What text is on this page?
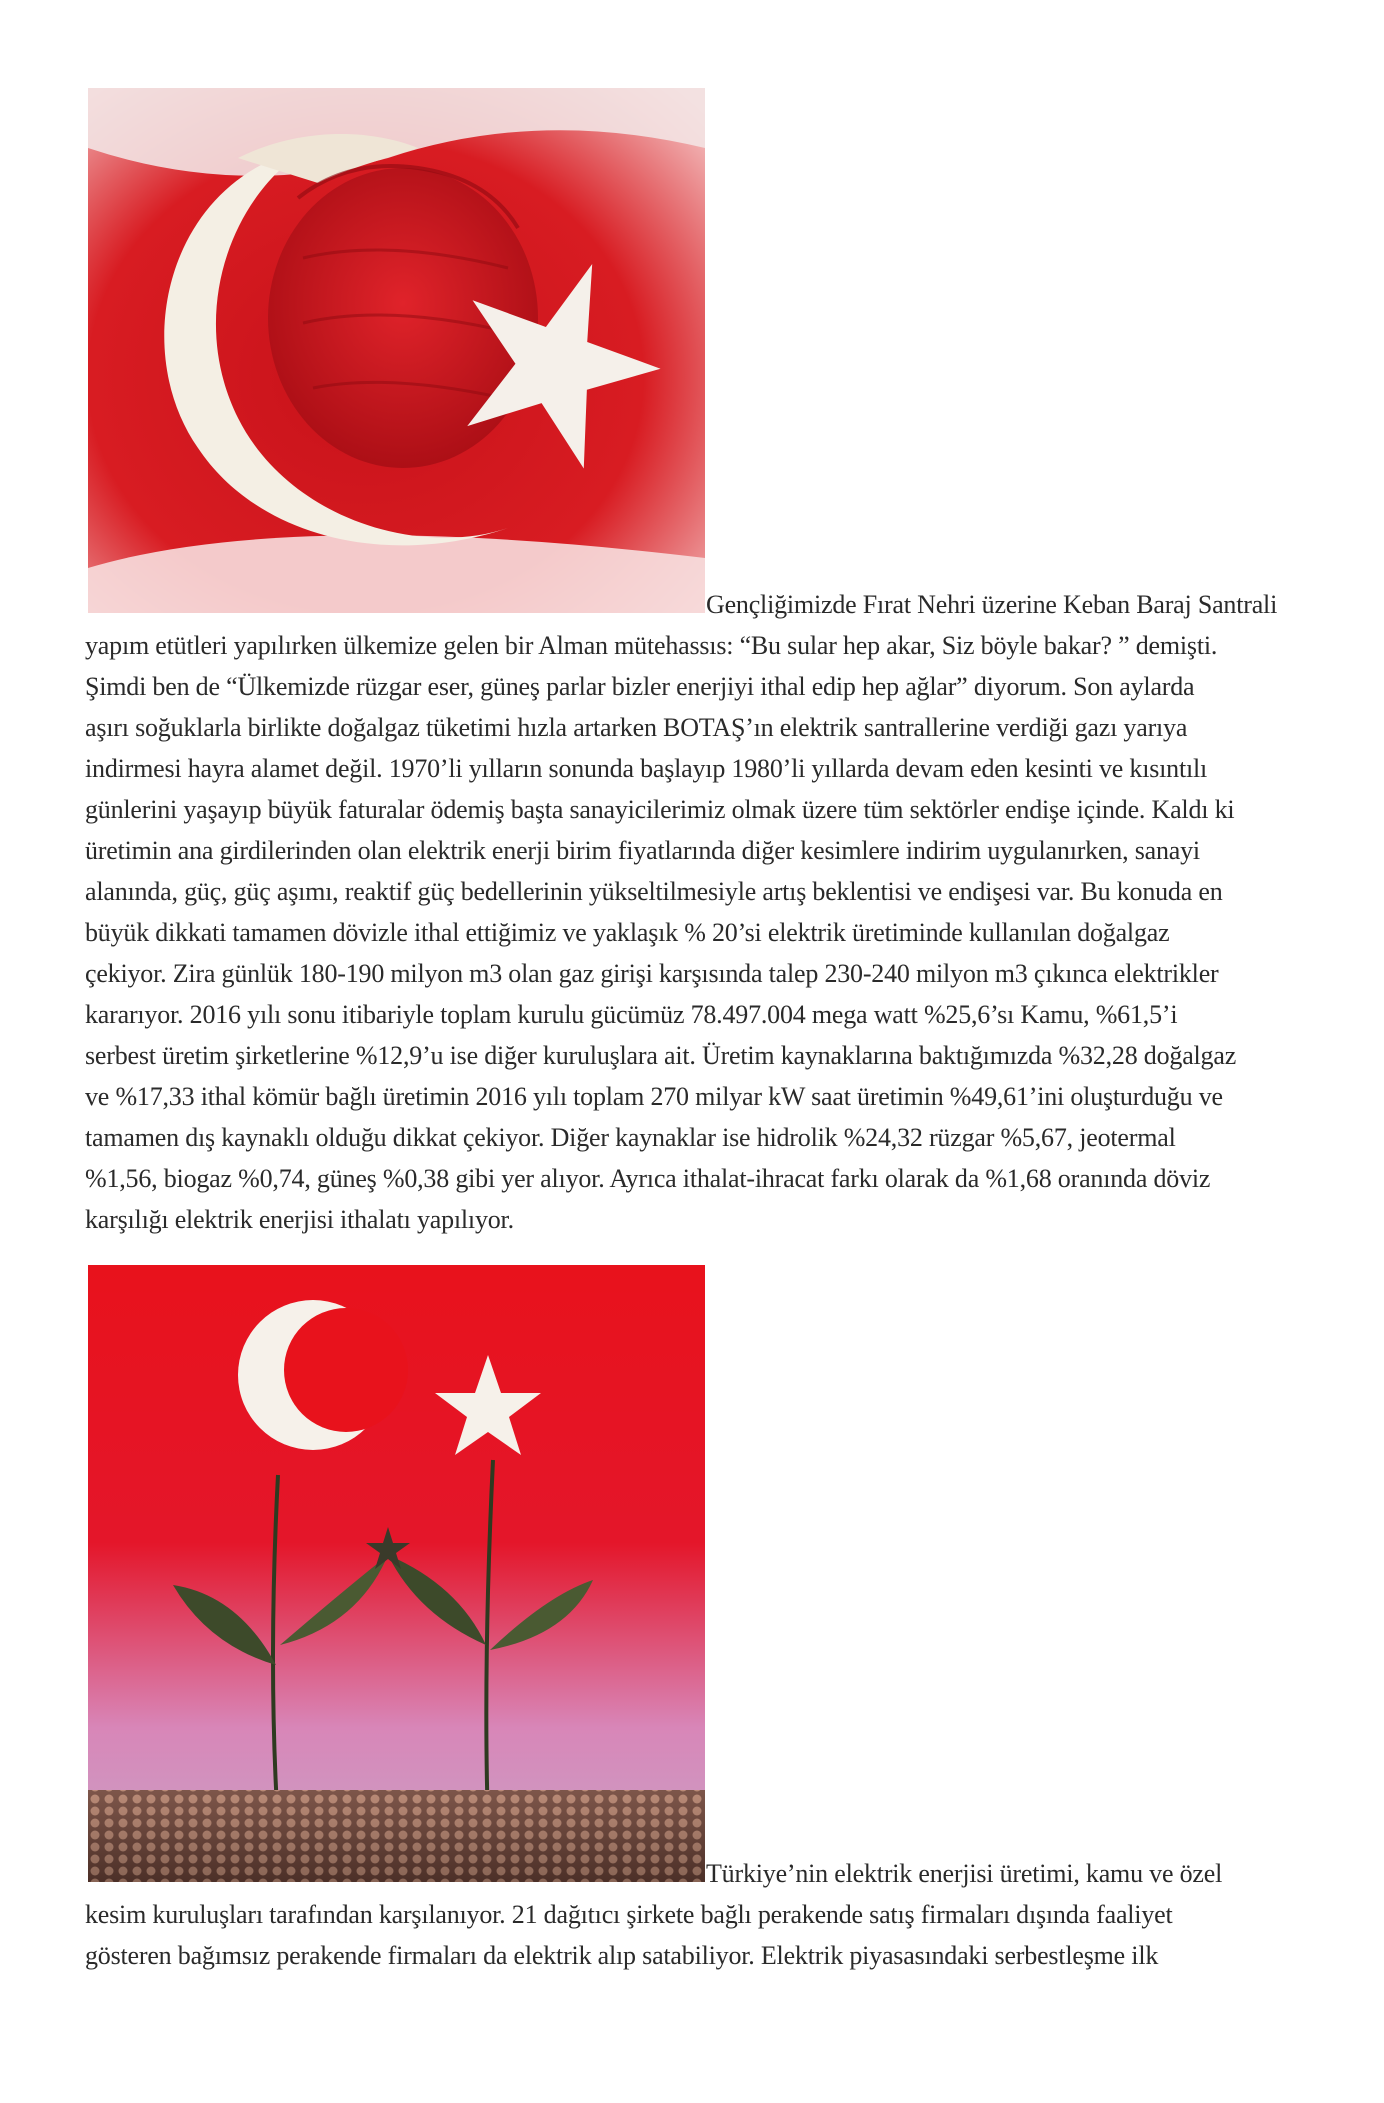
Gençliğimizde Fırat Nehri üzerine Keban Baraj Santrali
yapım etütleri yapılırken ülkemize gelen bir Alman mütehassıs: “Bu sular hep akar, Siz böyle bakar? ” demişti.
Şimdi ben de “Ülkemizde rüzgar eser, güneş parlar bizler enerjiyi ithal edip hep ağlar” diyorum. Son aylarda
aşırı soğuklarla birlikte doğalgaz tüketimi hızla artarken BOTAŞ’ın elektrik santrallerine verdiği gazı yarıya
indirmesi hayra alamet değil. 1970’li yılların sonunda başlayıp 1980’li yıllarda devam eden kesinti ve kısıntılı
günlerini yaşayıp büyük faturalar ödemiş başta sanayicilerimiz olmak üzere tüm sektörler endişe içinde. Kaldı ki
üretimin ana girdilerinden olan elektrik enerji birim fiyatlarında diğer kesimlere indirim uygulanırken, sanayi
alanında, güç, güç aşımı, reaktif güç bedellerinin yükseltilmesiyle artış beklentisi ve endişesi var. Bu konuda en
büyük dikkati tamamen dövizle ithal ettiğimiz ve yaklaşık % 20’si elektrik üretiminde kullanılan doğalgaz
çekiyor. Zira günlük 180-190 milyon m3 olan gaz girişi karşısında talep 230-240 milyon m3 çıkınca elektrikler
kararıyor. 2016 yılı sonu itibariyle toplam kurulu gücümüz 78.497.004 mega watt %25,6’sı Kamu, %61,5’i
serbest üretim şirketlerine %12,9’u ise diğer kuruluşlara ait. Üretim kaynaklarına baktığımızda %32,28 doğalgaz
ve %17,33 ithal kömür bağlı üretimin 2016 yılı toplam 270 milyar kW saat üretimin %49,61’ini oluşturduğu ve
tamamen dış kaynaklı olduğu dikkat çekiyor. Diğer kaynaklar ise hidrolik %24,32 rüzgar %5,67, jeotermal
%1,56, biogaz %0,74, güneş %0,38 gibi yer alıyor. Ayrıca ithalat-ihracat farkı olarak da %1,68 oranında döviz
karşılığı elektrik enerjisi ithalatı yapılıyor.
Türkiye’nin elektrik enerjisi üretimi, kamu ve özel
kesim kuruluşları tarafından karşılanıyor. 21 dağıtıcı şirkete bağlı perakende satış firmaları dışında faaliyet
gösteren bağımsız perakende firmaları da elektrik alıp satabiliyor. Elektrik piyasasındaki serbestleşme ilk
